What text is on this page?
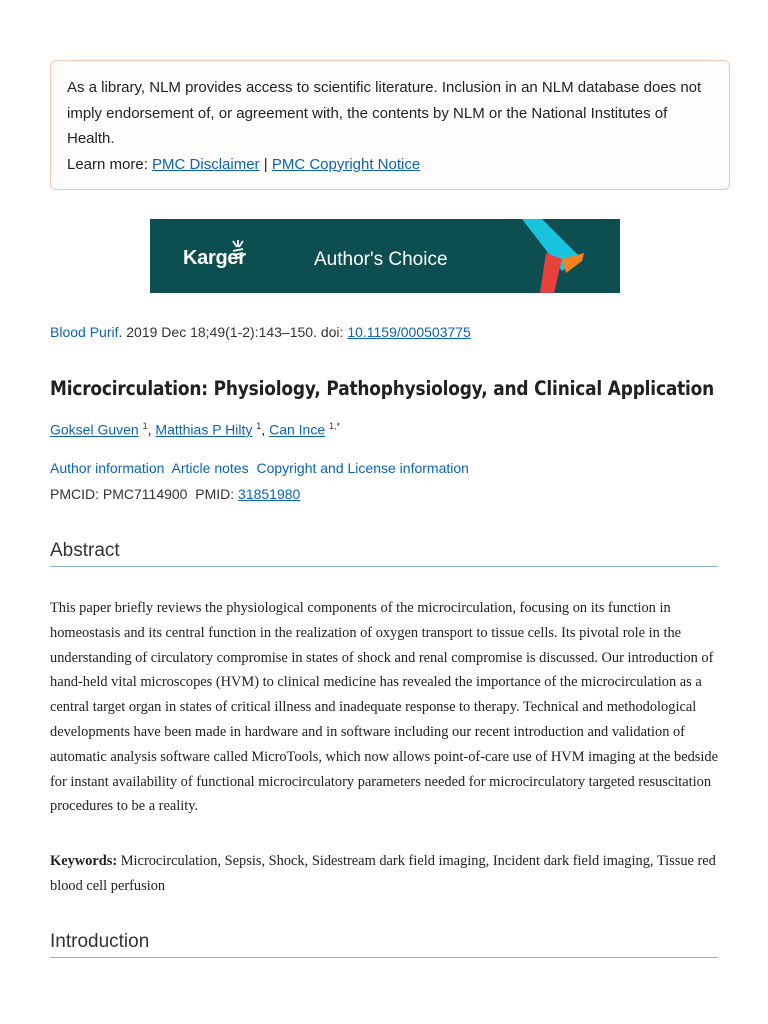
As a library, NLM provides access to scientific literature. Inclusion in an NLM database does not imply endorsement of, or agreement with, the contents by NLM or the National Institutes of Health.

Learn more: PMC Disclaimer | PMC Copyright Notice

Karger	Author's Choice
Blood Purif. 2019 Dec 18;49(1-2):143–150. doi: 10.1159/000503775
Microcirculation: Physiology, Pathophysiology, and Clinical Application
Goksel Guven $^1$, Matthias P Hilty $^1$, Can Ince $^{1,*}$
Author information Article notes Copyright and License information
PMCID: PMC7114900 PMID: 31851980
Abstract

This paper briefly reviews the physiological components of the microcirculation, focusing on its function in homeostasis and its central function in the realization of oxygen transport to tissue cells. Its pivotal role in the understanding of circulatory compromise in states of shock and renal compromise is discussed. Our introduction of hand-held vital microscopes (HVM) to clinical medicine has revealed the importance of the microcirculation as a central target organ in states of critical illness and inadequate response to therapy. Technical and methodological developments have been made in hardware and in software including our recent introduction and validation of automatic analysis software called MicroTools, which now allows point-of-care use of HVM imaging at the bedside for instant availability of functional microcirculatory parameters needed for microcirculatory targeted resuscitation procedures to be a reality.

Keywords: Microcirculation, Sepsis, Shock, Sidestream dark field imaging, Incident dark field imaging, Tissue red blood cell perfusion

Introduction
